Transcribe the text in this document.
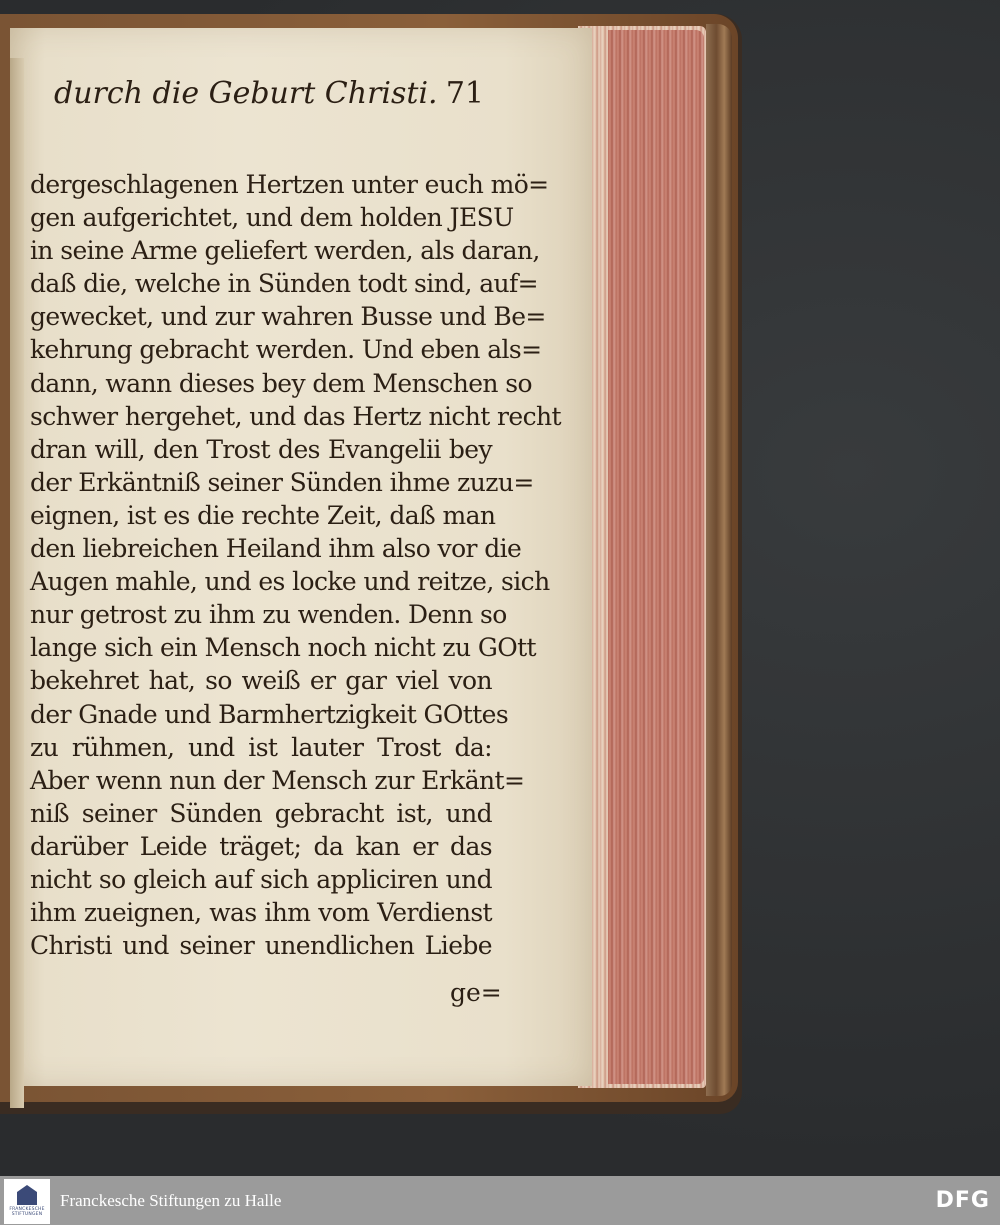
durch die Geburt Christi. 71
dergeschlagenen Hertzen unter euch mö=
gen aufgerichtet, und dem holden JESU
in seine Arme geliefert werden, als daran,
daß die, welche in Sünden todt sind, auf=
gewecket, und zur wahren Busse und Be=
kehrung gebracht werden. Und eben als=
dann, wann dieses bey dem Menschen so
schwer hergehet, und das Hertz nicht recht
dran will, den Trost des Evangelii bey
der Erkäntniß seiner Sünden ihme zuzu=
eignen, ist es die rechte Zeit, daß man
den liebreichen Heiland ihm also vor die
Augen mahle, und es locke und reitze, sich
nur getrost zu ihm zu wenden. Denn so
lange sich ein Mensch noch nicht zu GOtt
bekehret hat, so weiß er gar viel von
der Gnade und Barmhertzigkeit GOttes
zu rühmen, und ist lauter Trost da:
Aber wenn nun der Mensch zur Erkänt=
niß seiner Sünden gebracht ist, und
darüber Leide träget; da kan er das
nicht so gleich auf sich appliciren und
ihm zueignen, was ihm vom Verdienst
Christi und seiner unendlichen Liebe
ge=
FRANCKESCHE STIFTUNGEN
Franckesche Stiftungen zu Halle	DFG
